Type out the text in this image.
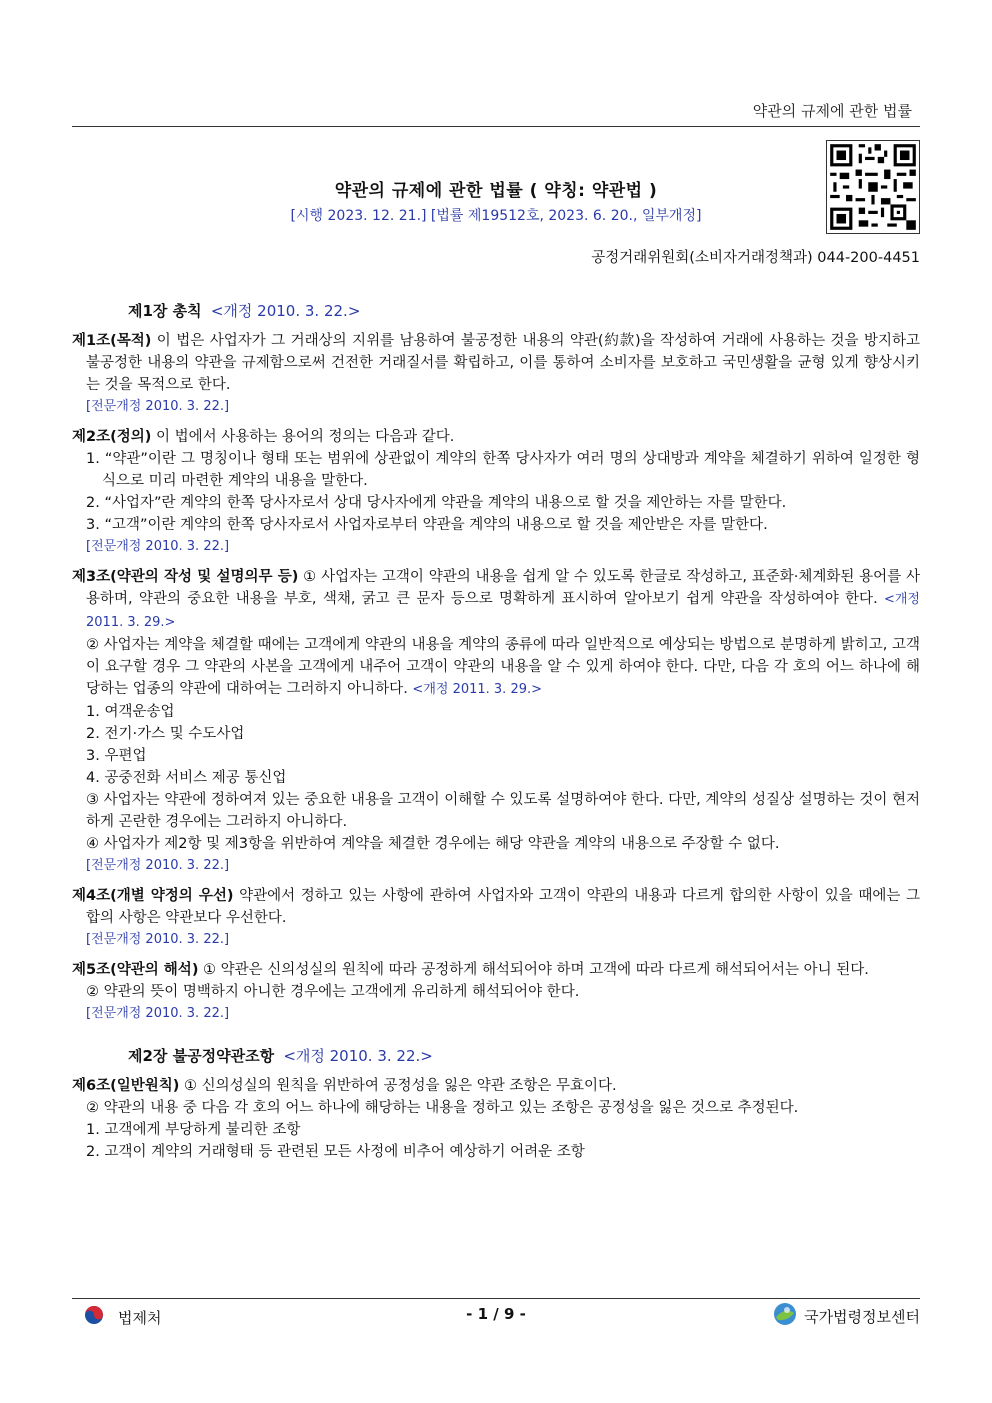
약관의 규제에 관한 법률
약관의 규제에 관한 법률 ( 약칭: 약관법 )
[시행 2023. 12. 21.] [법률 제19512호, 2023. 6. 20., 일부개정]
공정거래위원회(소비자거래정책과) 044-200-4451
제1장 총칙 <개정 2010. 3. 22.>

제1조(목적) 이 법은 사업자가 그 거래상의 지위를 남용하여 불공정한 내용의 약관(約款)을 작성하여 거래에 사용하는 것을 방지하고 불공정한 내용의 약관을 규제함으로써 건전한 거래질서를 확립하고, 이를 통하여 소비자를 보호하고 국민생활을 균형 있게 향상시키는 것을 목적으로 한다.

[전문개정 2010. 3. 22.]

제2조(정의) 이 법에서 사용하는 용어의 정의는 다음과 같다.

1. “약관”이란 그 명칭이나 형태 또는 범위에 상관없이 계약의 한쪽 당사자가 여러 명의 상대방과 계약을 체결하기 위하여 일정한 형식으로 미리 마련한 계약의 내용을 말한다.

2. “사업자”란 계약의 한쪽 당사자로서 상대 당사자에게 약관을 계약의 내용으로 할 것을 제안하는 자를 말한다.

3. “고객”이란 계약의 한쪽 당사자로서 사업자로부터 약관을 계약의 내용으로 할 것을 제안받은 자를 말한다.

[전문개정 2010. 3. 22.]

제3조(약관의 작성 및 설명의무 등) ① 사업자는 고객이 약관의 내용을 쉽게 알 수 있도록 한글로 작성하고, 표준화·체계화된 용어를 사용하며, 약관의 중요한 내용을 부호, 색채, 굵고 큰 문자 등으로 명확하게 표시하여 알아보기 쉽게 약관을 작성하여야 한다. <개정 2011. 3. 29.>

② 사업자는 계약을 체결할 때에는 고객에게 약관의 내용을 계약의 종류에 따라 일반적으로 예상되는 방법으로 분명하게 밝히고, 고객이 요구할 경우 그 약관의 사본을 고객에게 내주어 고객이 약관의 내용을 알 수 있게 하여야 한다. 다만, 다음 각 호의 어느 하나에 해당하는 업종의 약관에 대하여는 그러하지 아니하다. <개정 2011. 3. 29.>

1. 여객운송업

2. 전기·가스 및 수도사업

3. 우편업

4. 공중전화 서비스 제공 통신업

③ 사업자는 약관에 정하여져 있는 중요한 내용을 고객이 이해할 수 있도록 설명하여야 한다. 다만, 계약의 성질상 설명하는 것이 현저하게 곤란한 경우에는 그러하지 아니하다.

④ 사업자가 제2항 및 제3항을 위반하여 계약을 체결한 경우에는 해당 약관을 계약의 내용으로 주장할 수 없다.

[전문개정 2010. 3. 22.]

제4조(개별 약정의 우선) 약관에서 정하고 있는 사항에 관하여 사업자와 고객이 약관의 내용과 다르게 합의한 사항이 있을 때에는 그 합의 사항은 약관보다 우선한다.

[전문개정 2010. 3. 22.]

제5조(약관의 해석) ① 약관은 신의성실의 원칙에 따라 공정하게 해석되어야 하며 고객에 따라 다르게 해석되어서는 아니 된다.

② 약관의 뜻이 명백하지 아니한 경우에는 고객에게 유리하게 해석되어야 한다.

[전문개정 2010. 3. 22.]

제2장 불공정약관조항 <개정 2010. 3. 22.>

제6조(일반원칙) ① 신의성실의 원칙을 위반하여 공정성을 잃은 약관 조항은 무효이다.

② 약관의 내용 중 다음 각 호의 어느 하나에 해당하는 내용을 정하고 있는 조항은 공정성을 잃은 것으로 추정된다.

1. 고객에게 부당하게 불리한 조항

2. 고객이 계약의 거래형태 등 관련된 모든 사정에 비추어 예상하기 어려운 조항

법제처	- 1 / 9 -	국가법령정보센터
